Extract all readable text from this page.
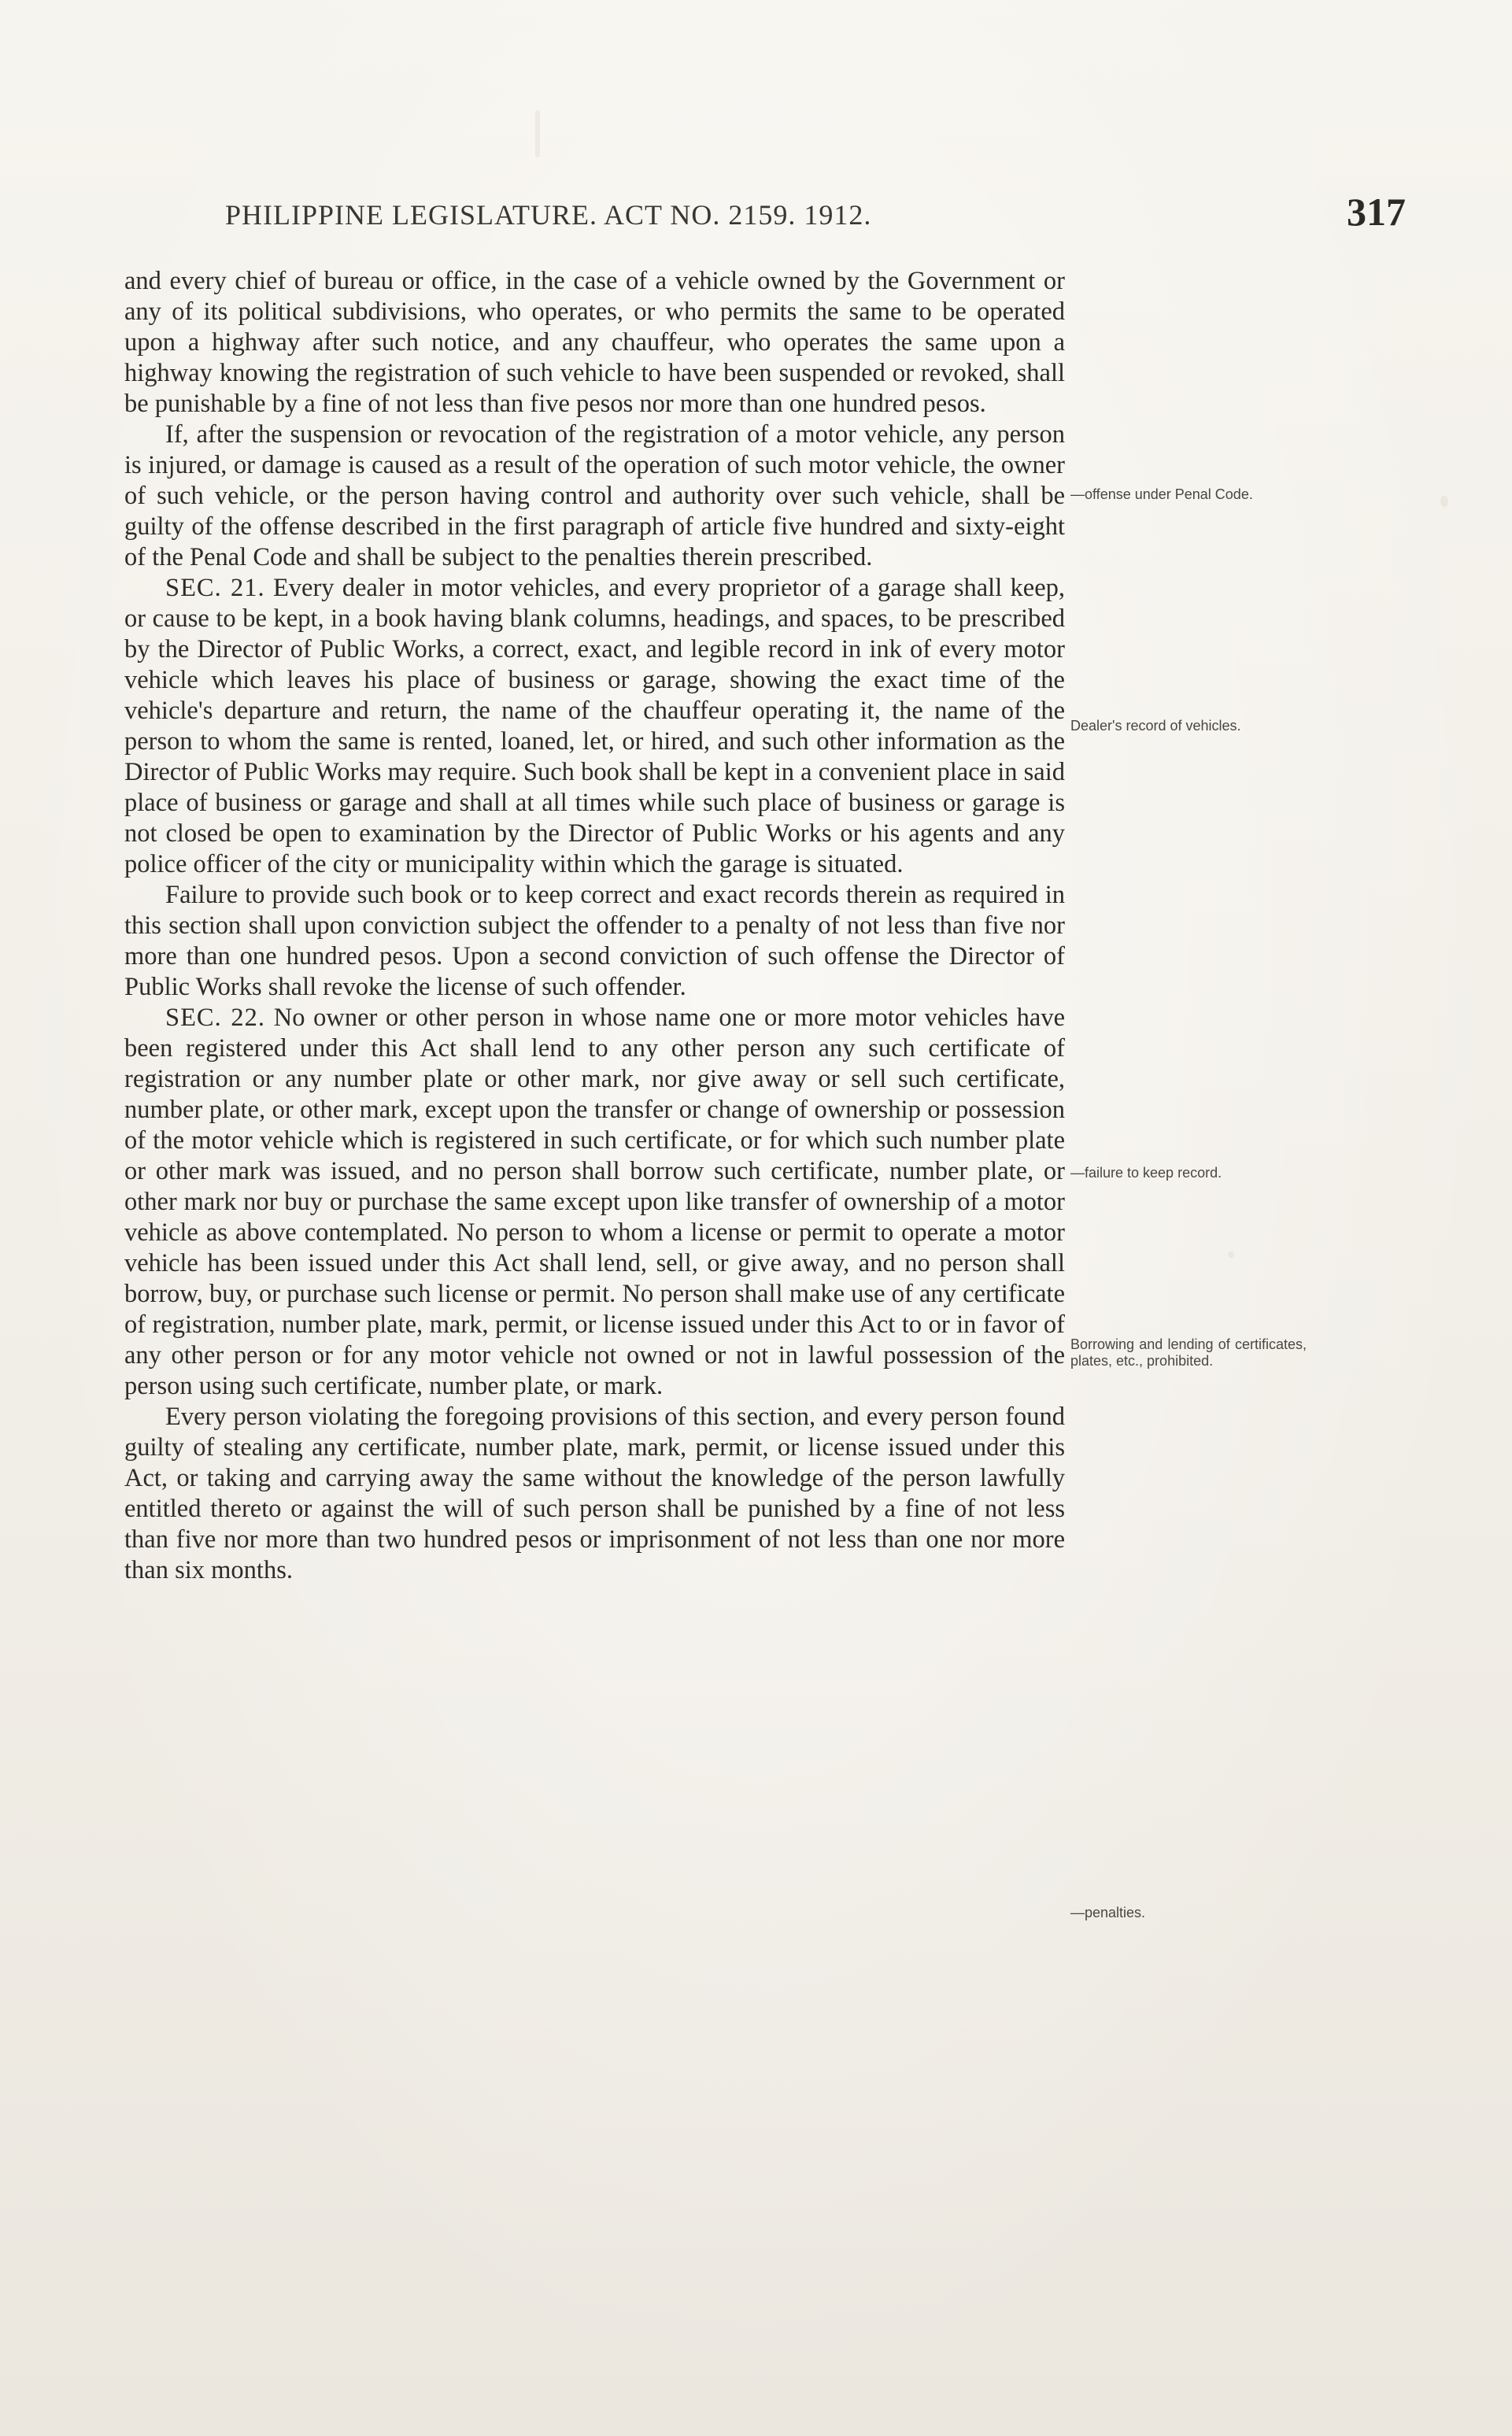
PHILIPPINE LEGISLATURE. ACT NO. 2159. 1912.	317

and every chief of bureau or office, in the case of a vehicle owned by the Government or any of its political subdivisions, who operates, or who permits the same to be operated upon a highway after such notice, and any chauffeur, who operates the same upon a highway knowing the registration of such vehicle to have been suspended or revoked, shall be punishable by a fine of not less than five pesos nor more than one hundred pesos.

If, after the suspension or revocation of the registration of a motor vehicle, any person is injured, or damage is caused as a result of the operation of such motor vehicle, the owner of such vehicle, or the person having control and authority over such vehicle, shall be guilty of the offense described in the first paragraph of article five hundred and sixty-eight of the Penal Code and shall be subject to the penalties therein prescribed.

SEC. 21. Every dealer in motor vehicles, and every proprietor of a garage shall keep, or cause to be kept, in a book having blank columns, headings, and spaces, to be prescribed by the Director of Public Works, a correct, exact, and legible record in ink of every motor vehicle which leaves his place of business or garage, showing the exact time of the vehicle's departure and return, the name of the chauffeur operating it, the name of the person to whom the same is rented, loaned, let, or hired, and such other information as the Director of Public Works may require. Such book shall be kept in a convenient place in said place of business or garage and shall at all times while such place of business or garage is not closed be open to examination by the Director of Public Works or his agents and any police officer of the city or municipality within which the garage is situated.

Failure to provide such book or to keep correct and exact records therein as required in this section shall upon conviction subject the offender to a penalty of not less than five nor more than one hundred pesos. Upon a second conviction of such offense the Director of Public Works shall revoke the license of such offender.

SEC. 22. No owner or other person in whose name one or more motor vehicles have been registered under this Act shall lend to any other person any such certificate of registration or any number plate or other mark, nor give away or sell such certificate, number plate, or other mark, except upon the transfer or change of ownership or possession of the motor vehicle which is registered in such certificate, or for which such number plate or other mark was issued, and no person shall borrow such certificate, number plate, or other mark nor buy or purchase the same except upon like transfer of ownership of a motor vehicle as above contemplated. No person to whom a license or permit to operate a motor vehicle has been issued under this Act shall lend, sell, or give away, and no person shall borrow, buy, or purchase such license or permit. No person shall make use of any certificate of registration, number plate, mark, permit, or license issued under this Act to or in favor of any other person or for any motor vehicle not owned or not in lawful possession of the person using such certificate, number plate, or mark.

Every person violating the foregoing provisions of this section, and every person found guilty of stealing any certificate, number plate, mark, permit, or license issued under this Act, or taking and carrying away the same without the knowledge of the person lawfully entitled thereto or against the will of such person shall be punished by a fine of not less than five nor more than two hundred pesos or imprisonment of not less than one nor more than six months.

—offense under Penal Code.
Dealer's record of vehicles.
—failure to keep record.
Borrowing and lending of certificates, plates, etc., prohibited.
—penalties.
